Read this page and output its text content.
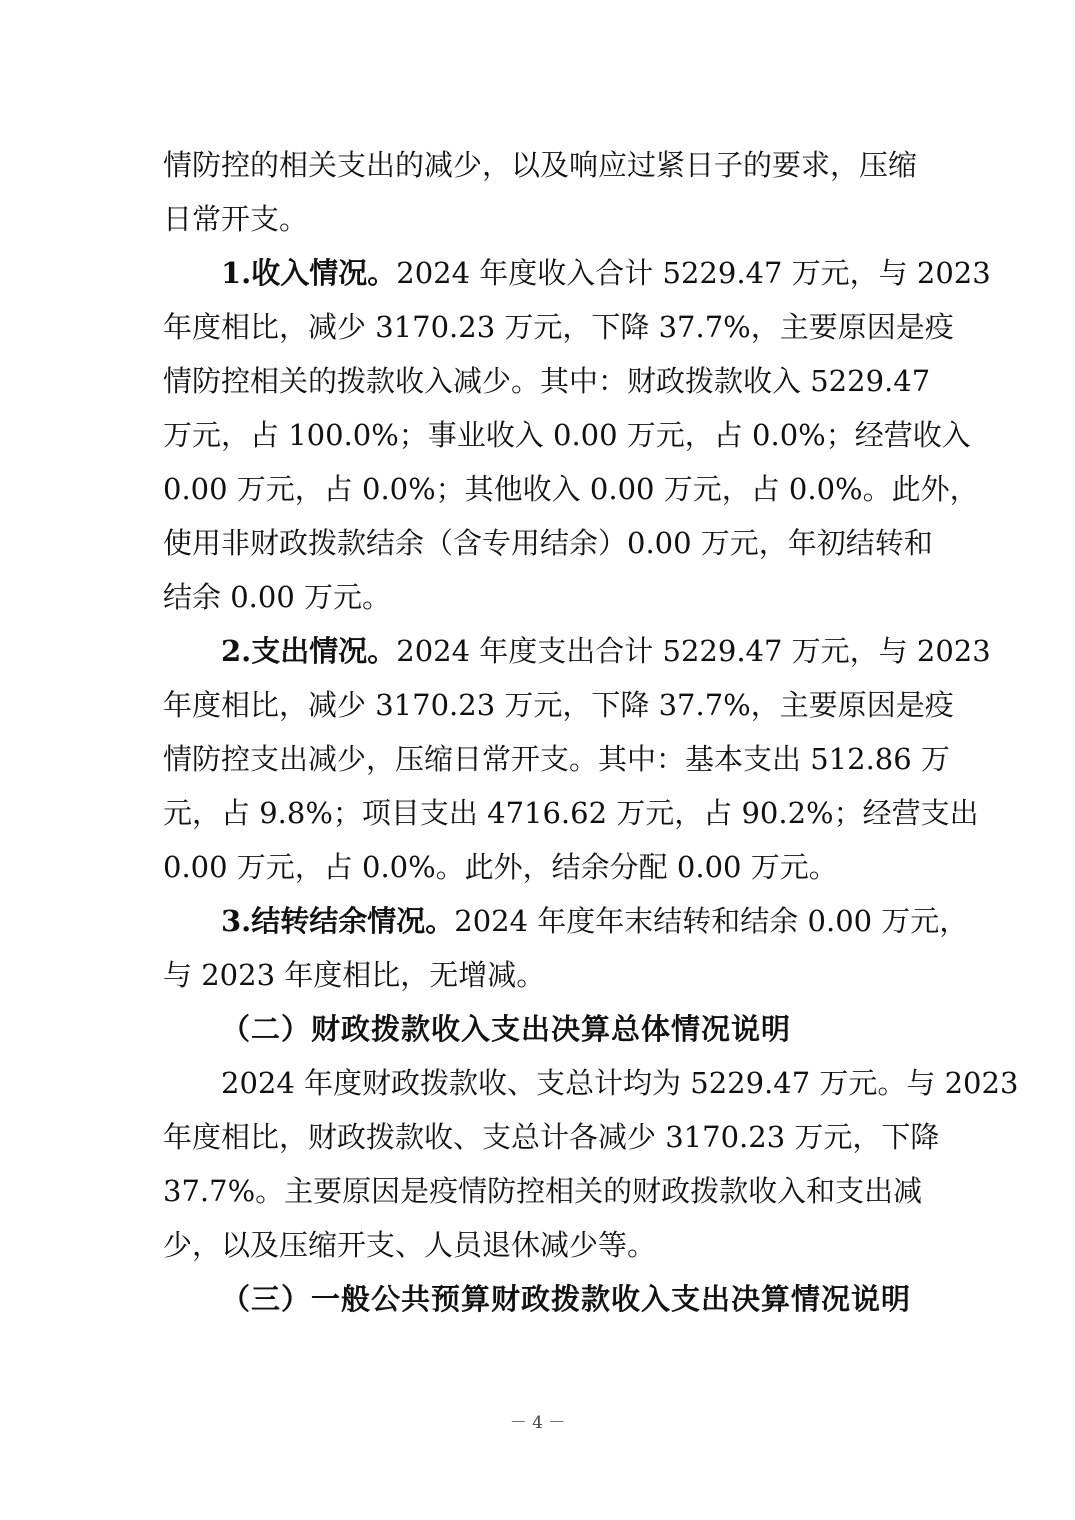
情防控的相关支出的减少，以及响应过紧日子的要求，压缩
日常开支。
1.收入情况。2024 年度收入合计 5229.47 万元，与 2023
年度相比，减少 3170.23 万元，下降 37.7%，主要原因是疫
情防控相关的拨款收入减少。其中：财政拨款收入 5229.47
万元，占 100.0%；事业收入 0.00 万元，占 0.0%；经营收入
0.00 万元，占 0.0%；其他收入 0.00 万元，占 0.0%。此外，
使用非财政拨款结余（含专用结余）0.00 万元，年初结转和
结余 0.00 万元。
2.支出情况。2024 年度支出合计 5229.47 万元，与 2023
年度相比，减少 3170.23 万元，下降 37.7%，主要原因是疫
情防控支出减少，压缩日常开支。其中：基本支出 512.86 万
元，占 9.8%；项目支出 4716.62 万元，占 90.2%；经营支出
0.00 万元，占 0.0%。此外，结余分配 0.00 万元。
3.结转结余情况。2024 年度年末结转和结余 0.00 万元，
与 2023 年度相比，无增减。
（二）财政拨款收入支出决算总体情况说明
2024 年度财政拨款收、支总计均为 5229.47 万元。与 2023
年度相比，财政拨款收、支总计各减少 3170.23 万元，下降
37.7%。主要原因是疫情防控相关的财政拨款收入和支出减
少，以及压缩开支、人员退休减少等。
（三）一般公共预算财政拨款收入支出决算情况说明
－ 4 －
